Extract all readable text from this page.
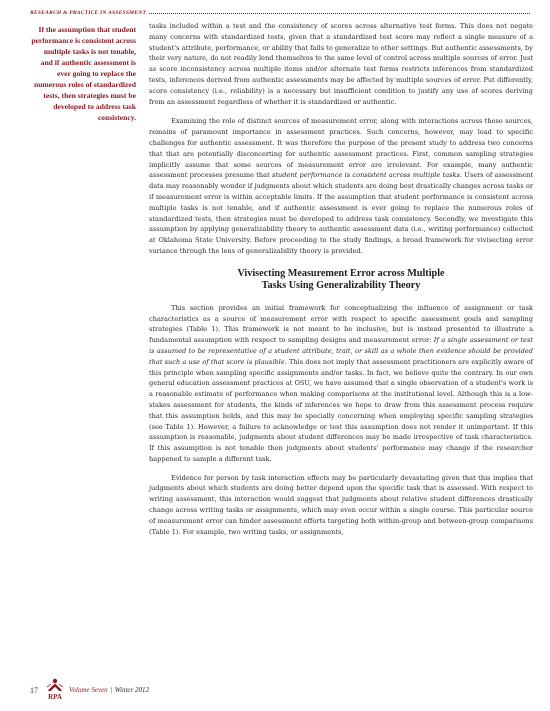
RESEARCH & PRACTICE IN ASSESSMENT
If the assumption that student performance is consistent across multiple tasks is not tenable, and if authentic assessment is ever going to replace the numerous roles of standardized tests, then strategies must be developed to address task consistency.

tasks included within a test and the consistency of scores across alternative test forms. This does not negate many concerns with standardized tests, given that a standardized test score may reflect a single measure of a student's attribute, performance, or ability that fails to generalize to other settings. But authentic assessments, by their very nature, do not readily lend themselves to the same level of control across multiple sources of error. Just as score inconsistency across multiple items and/or alternate test forms restricts inferences from standardized tests, inferences derived from authentic assessments may be affected by multiple sources of error. Put differently, score consistency (i.e., reliability) is a necessary but insufficient condition to justify any use of scores deriving from an assessment regardless of whether it is standardized or authentic.

Examining the role of distinct sources of measurement error, along with interactions across these sources, remains of paramount importance in assessment practices. Such concerns, however, may lead to specific challenges for authentic assessment. It was therefore the purpose of the present study to address two concerns that that are potentially disconcerting for authentic assessment practices. First, common sampling strategies implicitly assume that some sources of measurement error are irrelevant. For example, many authentic assessment processes presume that student performance is consistent across multiple tasks. Users of assessment data may reasonably wonder if judgments about which students are doing best drastically changes across tasks or if measurement error is within acceptable limits. If the assumption that student performance is consistent across multiple tasks is not tenable, and if authentic assessment is ever going to replace the numerous roles of standardized tests, then strategies must be developed to address task consistency. Secondly, we investigate this assumption by applying generalizability theory to authentic assessment data (i.e., writing performance) collected at Oklahoma State University. Before proceeding to the study findings, a broad framework for vivisecting error variance through the lens of generalizability theory is provided.

Vivisecting Measurement Error across Multiple
Tasks Using Generalizability Theory

This section provides an initial framework for conceptualizing the influence of assignment or task characteristics as a source of measurement error with respect to specific assessment goals and sampling strategies (Table 1). This framework is not meant to be inclusive, but is instead presented to illustrate a fundamental assumption with respect to sampling designs and measurement error: If a single assessment or test is assumed to be representative of a student attribute, trait, or skill as a whole then evidence should be provided that such a use of that score is plausible. This does not imply that assessment practitioners are explicitly aware of this principle when sampling specific assignments and/or tasks. In fact, we believe quite the contrary. In our own general education assessment practices at OSU, we have assumed that a single observation of a student's work is a reasonable estimate of performance when making comparisons at the institutional level. Although this is a low-stakes assessment for students, the kinds of inferences we hope to draw from this assessment process require that this assumption holds, and this may be specially concerning when employing specific sampling strategies (see Table 1). However, a failure to acknowledge or test this assumption does not render it unimportant. If this assumption is reasonable, judgments about student differences may be made irrespective of task characteristics. If this assumption is not tenable then judgments about students' performance may change if the researcher happened to sample a different task.

Evidence for person by task interaction effects may be particularly devastating given that this implies that judgments about which students are doing better depend upon the specific task that is assessed. With respect to writing assessment, this interaction would suggest that judgments about relative student differences drastically change across writing tasks or assignments, which may even occur within a single course. This particular source of measurement error can hinder assessment efforts targeting both within-group and between-group comparisons (Table 1). For example, two writing tasks, or assignments,

17
RPA
Volume Seven | Winter 2012
